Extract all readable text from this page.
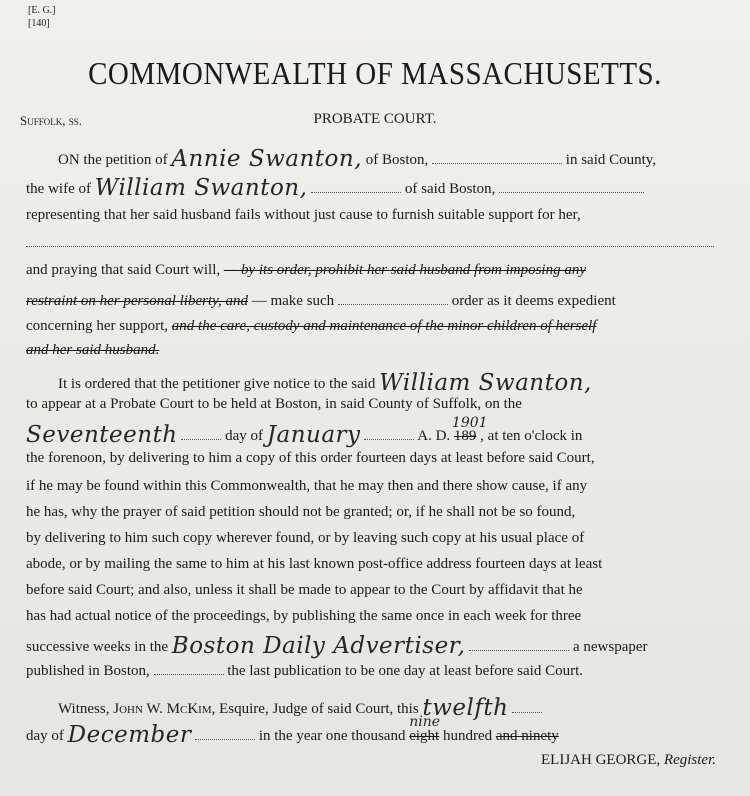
[E. G.]
[140]
COMMONWEALTH OF MASSACHUSETTS.
Suffolk, ss.	PROBATE COURT.
ON the petition of Annie Swanton, of Boston,	in said County,
the wife of William Swanton,	of said Boston,
representing that her said husband fails without just cause to furnish suitable support for her,
and praying that said Court will, — by its order, prohibit her said husband from imposing any
restraint on her personal liberty, and — make such	order as it deems expedient
concerning her support, and the care, custody and maintenance of the minor children of herself
and her said husband.
It is ordered that the petitioner give notice to the said William Swanton,
to appear at a Probate Court to be held at Boston, in said County of Suffolk, on the
Seventeenth	day of January	A. D. 189
1901
, at ten o'clock in
the forenoon, by delivering to him a copy of this order fourteen days at least before said Court,
if he may be found within this Commonwealth, that he may then and there show cause, if any
he has, why the prayer of said petition should not be granted; or, if he shall not be so found,
by delivering to him such copy wherever found, or by leaving such copy at his usual place of
abode, or by mailing the same to him at his last known post-office address fourteen days at least
before said Court; and also, unless it shall be made to appear to the Court by affidavit that he
has had actual notice of the proceedings, by publishing the same once in each week for three
successive weeks in the Boston Daily Advertiser,	a newspaper
published in Boston,	the last publication to be one day at least before said Court.
Witness, John W. McKim, Esquire, Judge of said Court, this twelfth
day of December	in the year one thousand eight
nine
hundred and ninety
ELIJAH GEORGE, Register.
